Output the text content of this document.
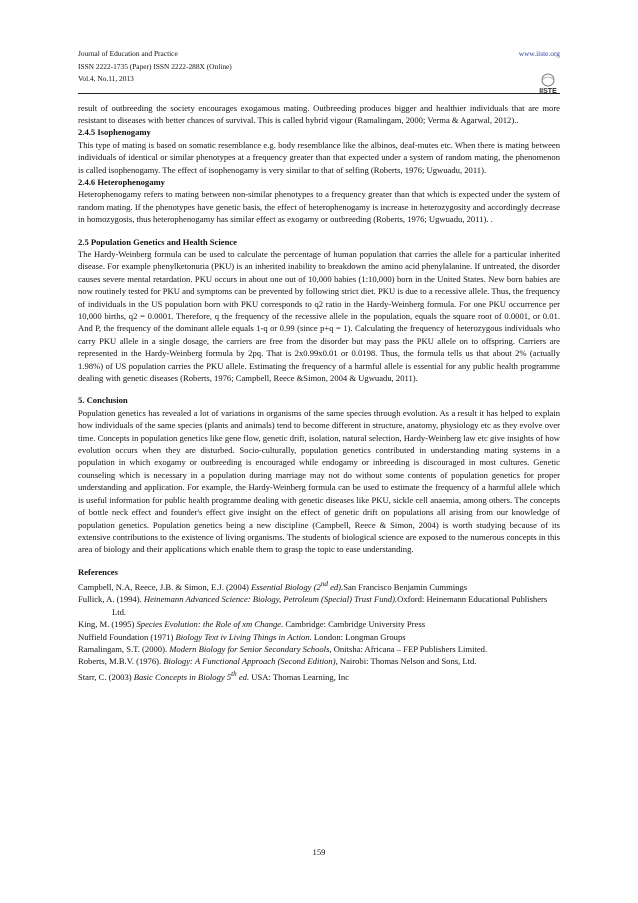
Journal of Education and Practice
ISSN 2222-1735 (Paper) ISSN 2222-288X (Online)
Vol.4, No.11, 2013
www.iiste.org

result of outbreeding the society encourages exogamous mating. Outbreeding produces bigger and healthier individuals that are more resistant to diseases with better chances of survival. This is called hybrid vigour (Ramalingam, 2000; Verma & Agarwal, 2012)..

2.4.5 Isophenogamy

This type of mating is based on somatic resemblance e.g. body resemblance like the albinos, deaf-mutes etc. When there is mating between individuals of identical or similar phenotypes at a frequency greater than that expected under a system of random mating, the phenomenon is called isophenogamy. The effect of isophenogamy is very similar to that of selfing (Roberts, 1976; Ugwuadu, 2011).

2.4.6 Heterophenogamy

Heterophenogamy refers to mating between non-similar phenotypes to a frequency greater than that which is expected under the system of random mating. If the phenotypes have genetic basis, the effect of heterophenogamy is increase in heterozygosity and accordingly decrease in homozygosis, thus heterophenogamy has similar effect as exogamy or outbreeding (Roberts, 1976; Ugwuadu, 2011). .

2.5 Population Genetics and Health Science

The Hardy-Weinberg formula can be used to calculate the percentage of human population that carries the allele for a particular inherited disease. For example phenylketonuria (PKU) is an inherited inability to breakdown the amino acid phenylalanine. If untreated, the disorder causes severe mental retardation. PKU occurs in about one out of 10,000 babies (1:10,000) born in the United States. New born babies are now routinely tested for PKU and symptoms can be prevented by following strict diet. PKU is due to a recessive allele. Thus, the frequency of individuals in the US population born with PKU corresponds to q2 ratio in the Hardy-Weinberg formula. For one PKU occurrence per 10,000 births, q2 = 0.0001. Therefore, q the frequency of the recessive allele in the population, equals the square root of 0.0001, or 0.01. And P, the frequency of the dominant allele equals 1-q or 0.99 (since p+q = 1). Calculating the frequency of heterozygous individuals who carry PKU allele in a single dosage, the carriers are free from the disorder but may pass the PKU allele on to offspring. Carriers are represented in the Hardy-Weinberg formula by 2pq. That is 2x0.99x0.01 or 0.0198. Thus, the formula tells us that about 2% (actually 1.98%) of US population carries the PKU allele. Estimating the frequency of a harmful allele is essential for any public health programme dealing with genetic diseases (Roberts, 1976; Campbell, Reece &Simon, 2004 & Ugwuadu, 2011).

5. Conclusion

Population genetics has revealed a lot of variations in organisms of the same species through evolution. As a result it has helped to explain how individuals of the same species (plants and animals) tend to become different in structure, anatomy, physiology etc as they evolve over time. Concepts in population genetics like gene flow, genetic drift, isolation, natural selection, Hardy-Weinberg law etc give insights of how evolution occurs when they are disturbed. Socio-culturally, population genetics contributed in understanding mating systems in a population in which exogamy or outbreeding is encouraged while endogamy or inbreeding is discouraged in most cultures. Genetic counseling which is necessary in a population during marriage may not do without some contents of population genetics for proper understanding and application. For example, the Hardy-Weinberg formula can be used to estimate the frequency of a harmful allele which is useful information for public health programme dealing with genetic diseases like PKU, sickle cell anaemia, among others. The concepts of bottle neck effect and founder's effect give insight on the effect of genetic drift on populations all arising from our knowledge of population genetics. Population genetics being a new discipline (Campbell, Reece & Simon, 2004) is worth studying because of its extensive contributions to the existence of living organisms. The students of biological science are exposed to the numerous concepts in this area of biology and their applications which enable them to grasp the topic to ease understanding.

References

Campbell, N.A, Reece, J.B. & Simon, E.J. (2004) Essential Biology (2nd ed).San Francisco Benjamin Cummings

Fullick, A. (1994). Heinemann Advanced Science: Biology, Petroleum (Special) Trust Fund).Oxford: Heinemann Educational Publishers Ltd.

King, M. (1995) Species Evolution: the Role of xm Change. Cambridge: Cambridge University Press

Nuffield Foundation (1971) Biology Text iv Living Things in Action. London: Longman Groups

Ramalingam, S.T. (2000). Modern Biology for Senior Secondary Schools, Onitsha: Africana – FEP Publishers Limited.

Roberts, M.B.V. (1976). Biology: A Functional Approach (Second Edition), Nairobi: Thomas Nelson and Sons, Ltd.

Starr, C. (2003) Basic Concepts in Biology 5th ed. USA: Thomas Learning, Inc

IISTE
159
